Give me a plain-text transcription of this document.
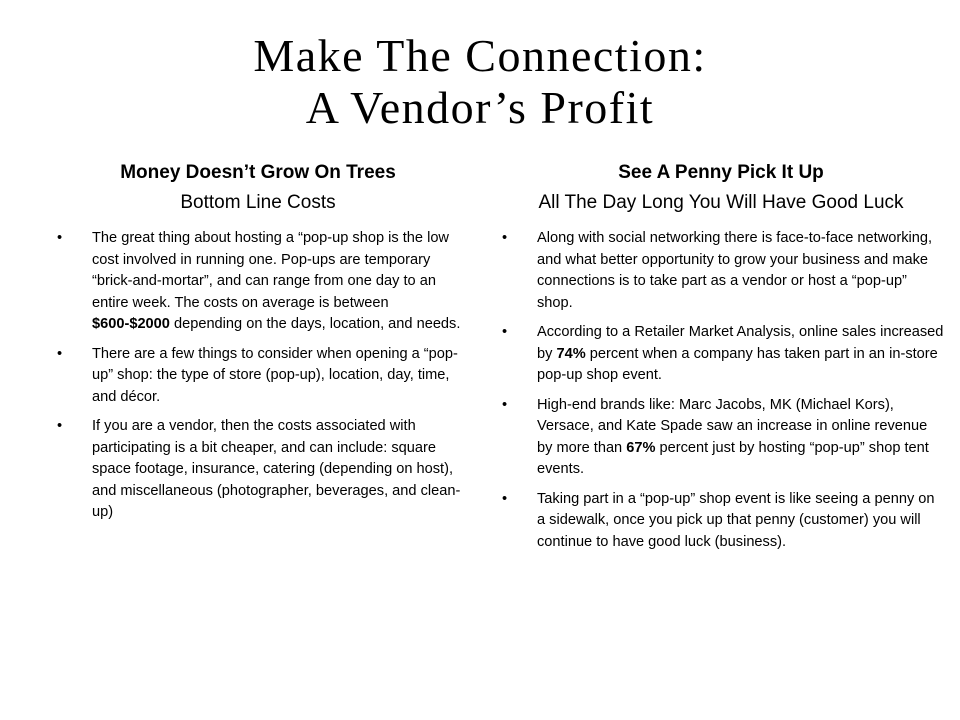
Make The Connection:
A Vendor’s Profit
Money Doesn’t Grow On Trees
Bottom Line Costs
• The great thing about hosting a “pop-up shop is the low cost involved in running one. Pop-ups are temporary “brick-and-mortar”, and can range from one day to an entire week. The costs on average is between $600-$2000 depending on the days, location, and needs.
• There are a few things to consider when opening a “pop-up” shop: the type of store (pop-up), location, day, time, and décor.
• If you are a vendor, then the costs associated with participating is a bit cheaper, and can include: square space footage, insurance, catering (depending on host), and miscellaneous (photographer, beverages, and clean-up)
See A Penny Pick It Up
All The Day Long You Will Have Good Luck
• Along with social networking there is face-to-face networking, and what better opportunity to grow your business and make connections is to take part as a vendor or host a “pop-up” shop.
• According to a Retailer Market Analysis, online sales increased by 74% percent when a company has taken part in an in-store pop-up shop event.
• High-end brands like: Marc Jacobs, MK (Michael Kors), Versace, and Kate Spade saw an increase in online revenue by more than 67% percent just by hosting “pop-up” shop tent events.
• Taking part in a “pop-up” shop event is like seeing a penny on a sidewalk, once you pick up that penny (customer) you will continue to have good luck (business).
